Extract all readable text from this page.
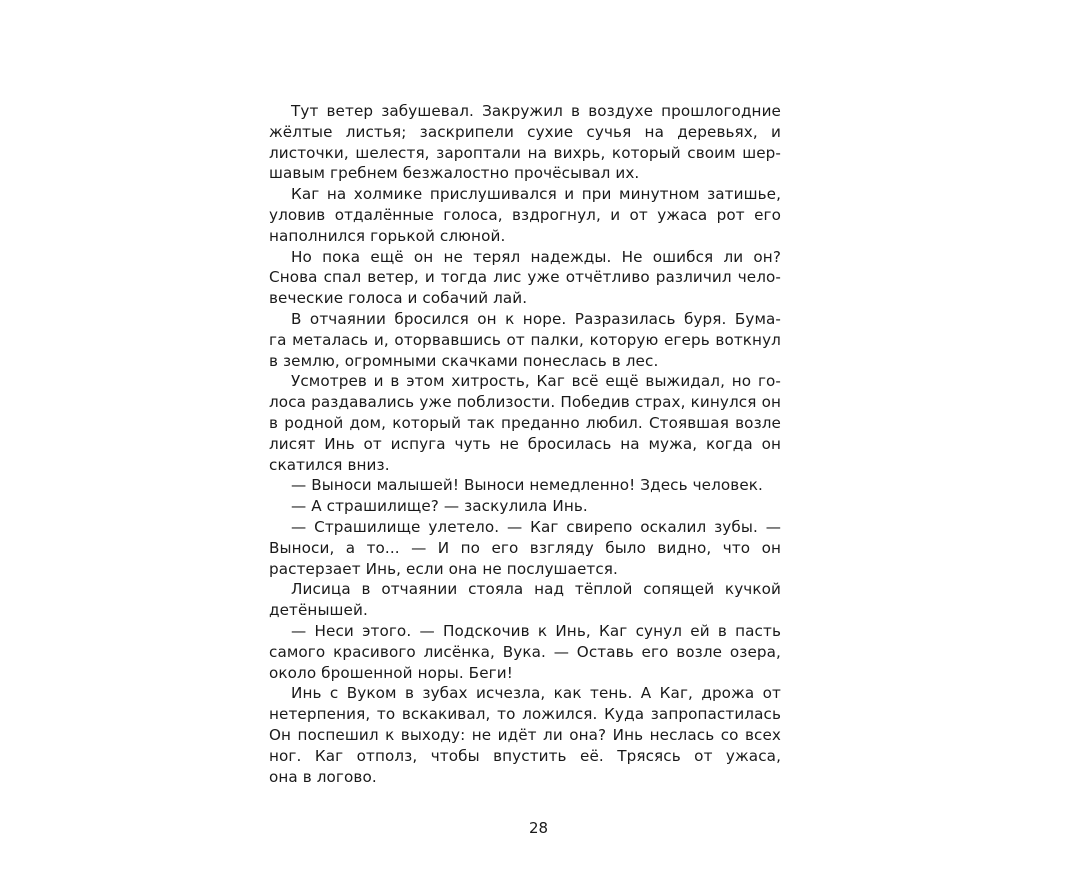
Тут ветер забушевал. Закружил в воздухе прошлогодние
жёлтые листья; заскрипели сухие сучья на деревьях, и
листочки, шелестя, зароптали на вихрь, который своим шер-
шавым гребнем безжалостно прочёсывал их.
Каг на холмике прислушивался и при минутном затишье,
уловив отдалённые голоса, вздрогнул, и от ужаса рот его
наполнился горькой слюной.
Но пока ещё он не терял надежды. Не ошибся ли он?
Снова спал ветер, и тогда лис уже отчётливо различил чело-
веческие голоса и собачий лай.
В отчаянии бросился он к норе. Разразилась буря. Бума-
га металась и, оторвавшись от палки, которую егерь воткнул
в землю, огромными скачками понеслась в лес.
Усмотрев и в этом хитрость, Каг всё ещё выжидал, но го-
лоса раздавались уже поблизости. Победив страх, кинулся он
в родной дом, который так преданно любил. Стоявшая возле
лисят Инь от испуга чуть не бросилась на мужа, когда он
скатился вниз.
— Выноси малышей! Выноси немедленно! Здесь человек.
— А страшилище? — заскулила Инь.
— Страшилище улетело. — Каг свирепо оскалил зубы. —
Выноси, а то... — И по его взгляду было видно, что он
растерзает Инь, если она не послушается.
Лисица в отчаянии стояла над тёплой сопящей кучкой
детёнышей.
— Неси этого. — Подскочив к Инь, Каг сунул ей в пасть
самого красивого лисёнка, Вука. — Оставь его возле озера,
около брошенной норы. Беги!
Инь с Вуком в зубах исчезла, как тень. А Каг, дрожа от
нетерпения, то вскакивал, то ложился. Куда запропастилась
Он поспешил к выходу: не идёт ли она? Инь неслась со всех
ног. Каг отполз, чтобы впустить её. Трясясь от ужаса,
она в логово.
28
